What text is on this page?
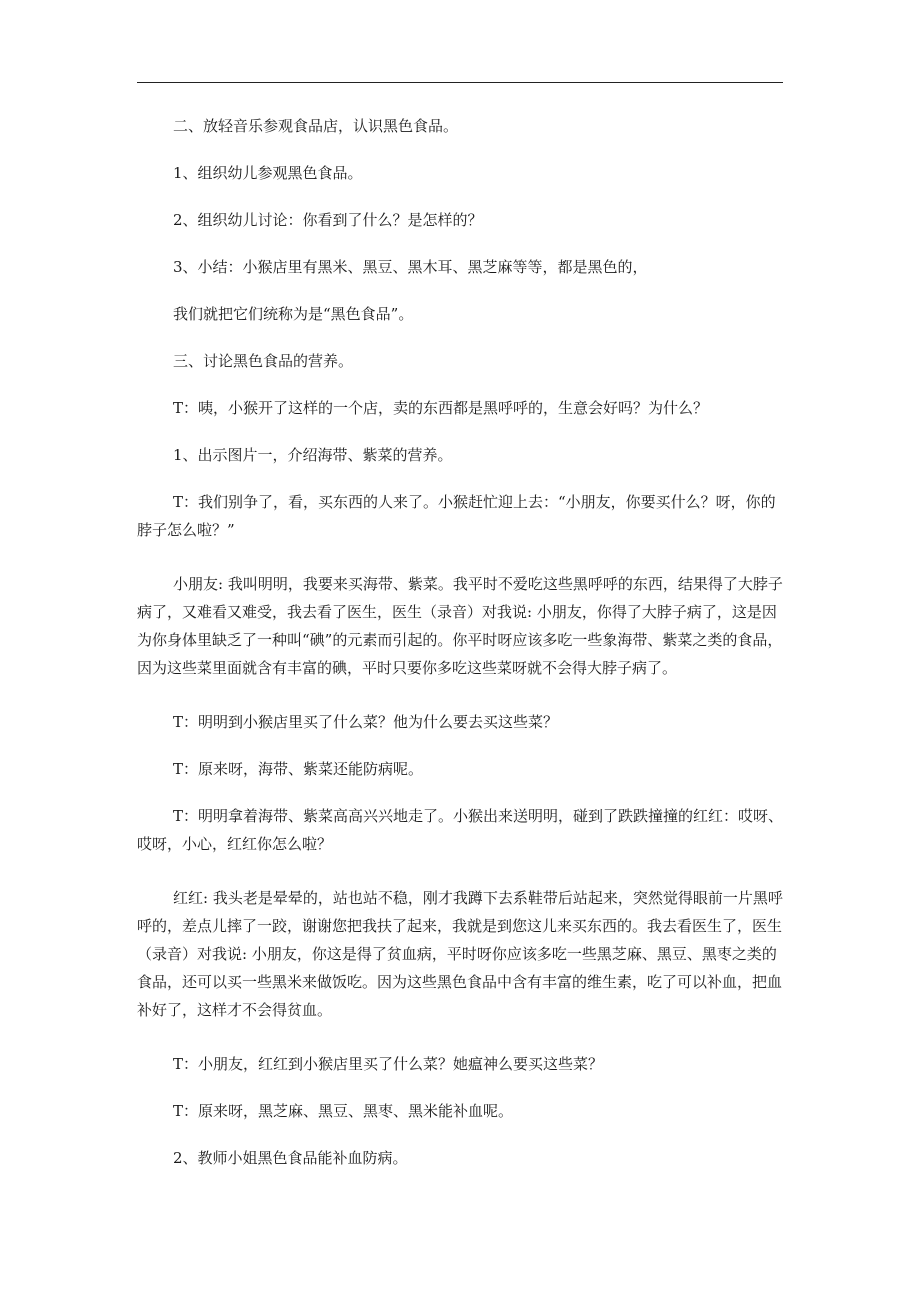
二、放轻音乐参观食品店，认识黑色食品。

1、组织幼儿参观黑色食品。

2、组织幼儿讨论：你看到了什么？是怎样的？

3、小结：小猴店里有黑米、黑豆、黑木耳、黑芝麻等等，都是黑色的，

我们就把它们统称为是“黑色食品”。

三、讨论黑色食品的营养。

T：咦，小猴开了这样的一个店，卖的东西都是黑呼呼的，生意会好吗？为什么？

1、出示图片一，介绍海带、紫菜的营养。

T：我们别争了，看，买东西的人来了。小猴赶忙迎上去：“小朋友，你要买什么？呀，你的脖子怎么啦？”

小朋友: 我叫明明，我要来买海带、紫菜。我平时不爱吃这些黑呼呼的东西，结果得了大脖子病了，又难看又难受，我去看了医生，医生（录音）对我说: 小朋友，你得了大脖子病了，这是因为你身体里缺乏了一种叫“碘”的元素而引起的。你平时呀应该多吃一些象海带、紫菜之类的食品，因为这些菜里面就含有丰富的碘，平时只要你多吃这些菜呀就不会得大脖子病了。

T：明明到小猴店里买了什么菜？他为什么要去买这些菜？

T：原来呀，海带、紫菜还能防病呢。

T：明明拿着海带、紫菜高高兴兴地走了。小猴出来送明明，碰到了跌跌撞撞的红红：哎呀、哎呀，小心，红红你怎么啦？

红红: 我头老是晕晕的，站也站不稳，刚才我蹲下去系鞋带后站起来，突然觉得眼前一片黑呼呼的，差点儿摔了一跤，谢谢您把我扶了起来，我就是到您这儿来买东西的。我去看医生了，医生（录音）对我说: 小朋友，你这是得了贫血病，平时呀你应该多吃一些黑芝麻、黑豆、黑枣之类的食品，还可以买一些黑米来做饭吃。因为这些黑色食品中含有丰富的维生素，吃了可以补血，把血补好了，这样才不会得贫血。

T：小朋友，红红到小猴店里买了什么菜？她瘟神么要买这些菜？

T：原来呀，黑芝麻、黑豆、黑枣、黑米能补血呢。

2、教师小姐黑色食品能补血防病。
